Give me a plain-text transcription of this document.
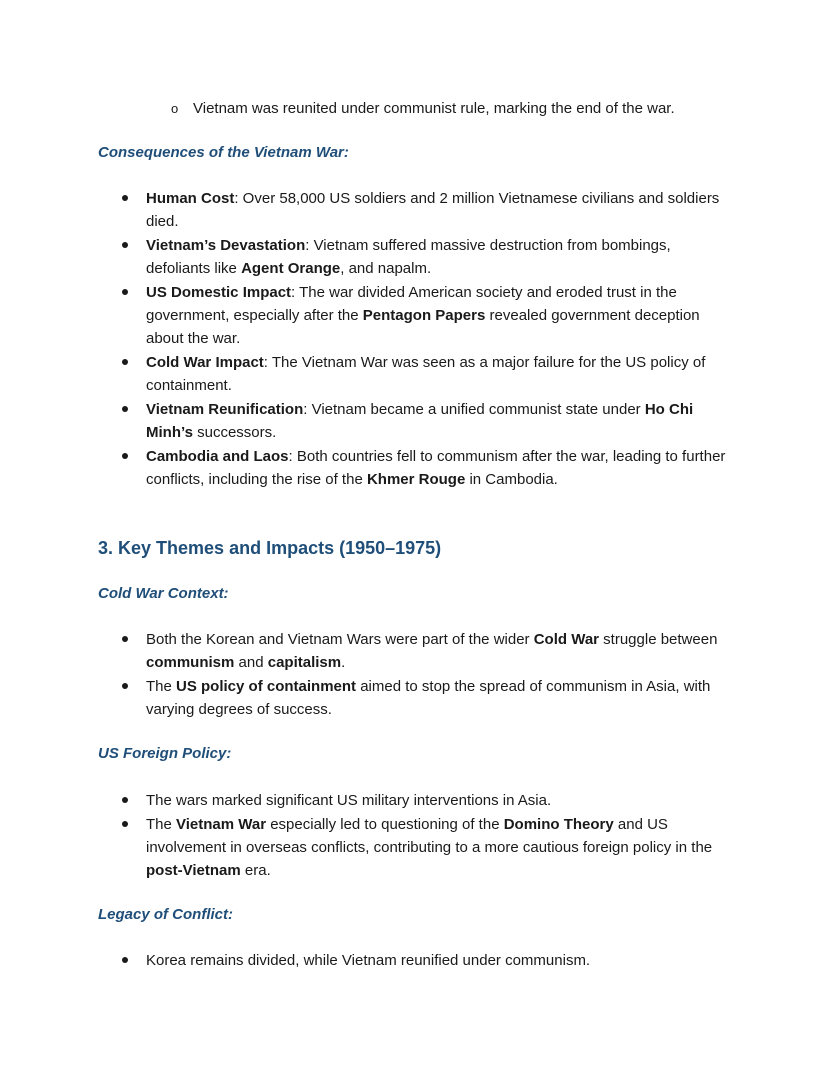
o Vietnam was reunited under communist rule, marking the end of the war.
Consequences of the Vietnam War:
Human Cost: Over 58,000 US soldiers and 2 million Vietnamese civilians and soldiers died.
Vietnam’s Devastation: Vietnam suffered massive destruction from bombings, defoliants like Agent Orange, and napalm.
US Domestic Impact: The war divided American society and eroded trust in the government, especially after the Pentagon Papers revealed government deception about the war.
Cold War Impact: The Vietnam War was seen as a major failure for the US policy of containment.
Vietnam Reunification: Vietnam became a unified communist state under Ho Chi Minh’s successors.
Cambodia and Laos: Both countries fell to communism after the war, leading to further conflicts, including the rise of the Khmer Rouge in Cambodia.
3. Key Themes and Impacts (1950–1975)
Cold War Context:
Both the Korean and Vietnam Wars were part of the wider Cold War struggle between communism and capitalism.
The US policy of containment aimed to stop the spread of communism in Asia, with varying degrees of success.
US Foreign Policy:
The wars marked significant US military interventions in Asia.
The Vietnam War especially led to questioning of the Domino Theory and US involvement in overseas conflicts, contributing to a more cautious foreign policy in the post-Vietnam era.
Legacy of Conflict:
Korea remains divided, while Vietnam reunified under communism.
